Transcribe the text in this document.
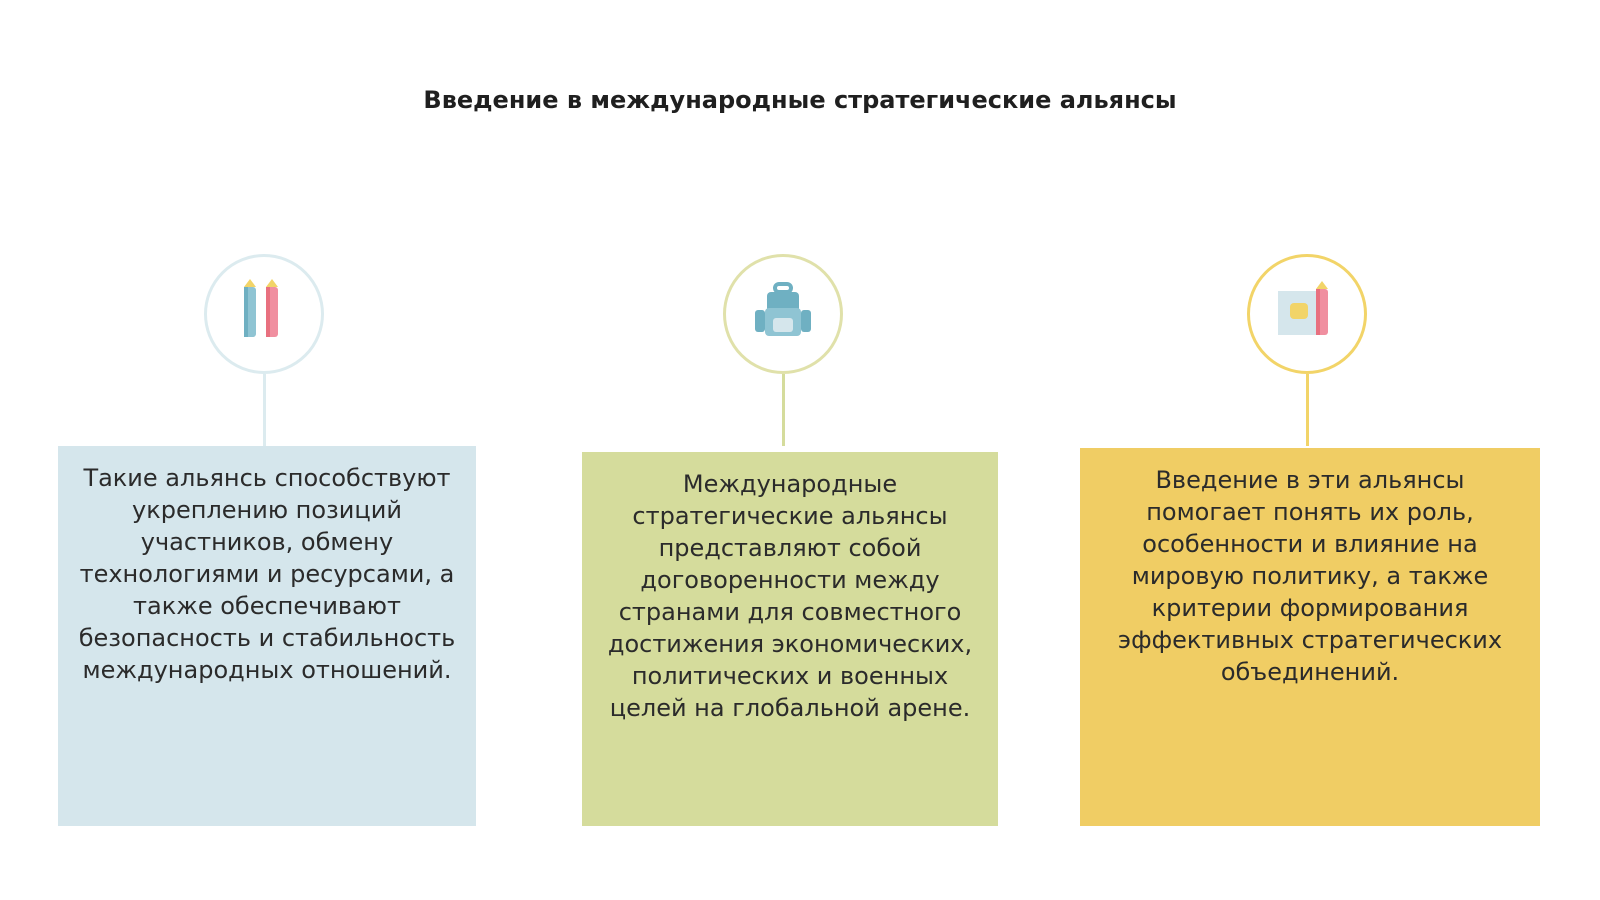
Введение в международные стратегические альянсы
Такие альянсь способствуют укреплению позиций участников, обмену технологиями и ресурсами, а также обеспечивают безопасность и стабильность международных отношений.
Международные стратегические альянсы представляют собой договоренности между странами для совместного достижения экономических, политических и военных целей на глобальной арене.
Введение в эти альянсы помогает понять их роль, особенности и влияние на мировую политику, а также критерии формирования эффективных стратегических объединений.
